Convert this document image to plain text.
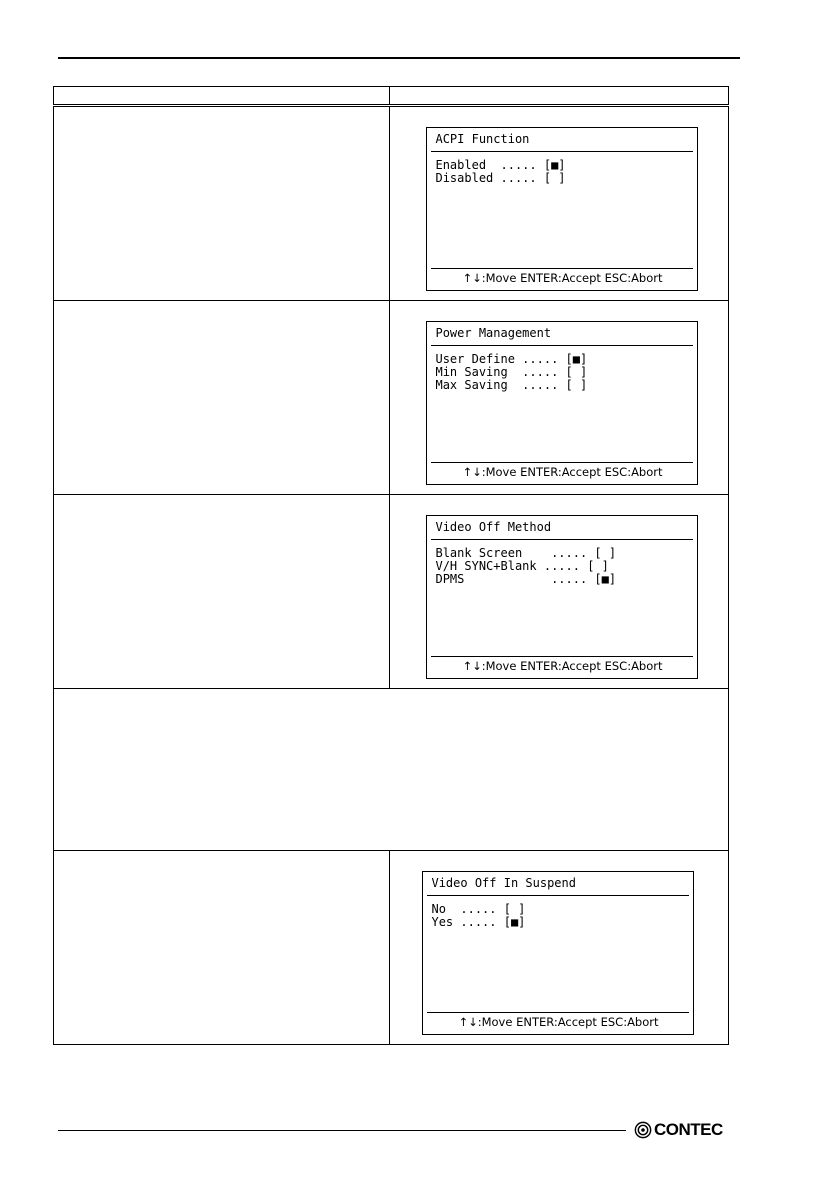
	ACPI Function
Enabled  ..... [■]
Disabled ..... [ ]
↑↓:Move ENTER:Accept ESC:Abort

	Power Management
User Define ..... [■]
Min Saving  ..... [ ]
Max Saving  ..... [ ]
↑↓:Move ENTER:Accept ESC:Abort

	Video Off Method
Blank Screen    ..... [ ]
V/H SYNC+Blank ..... [ ]
DPMS            ..... [■]
↑↓:Move ENTER:Accept ESC:Abort

	Video Off In Suspend
No  ..... [ ]
Yes ..... [■]
↑↓:Move ENTER:Accept ESC:Abort
CONTEC
